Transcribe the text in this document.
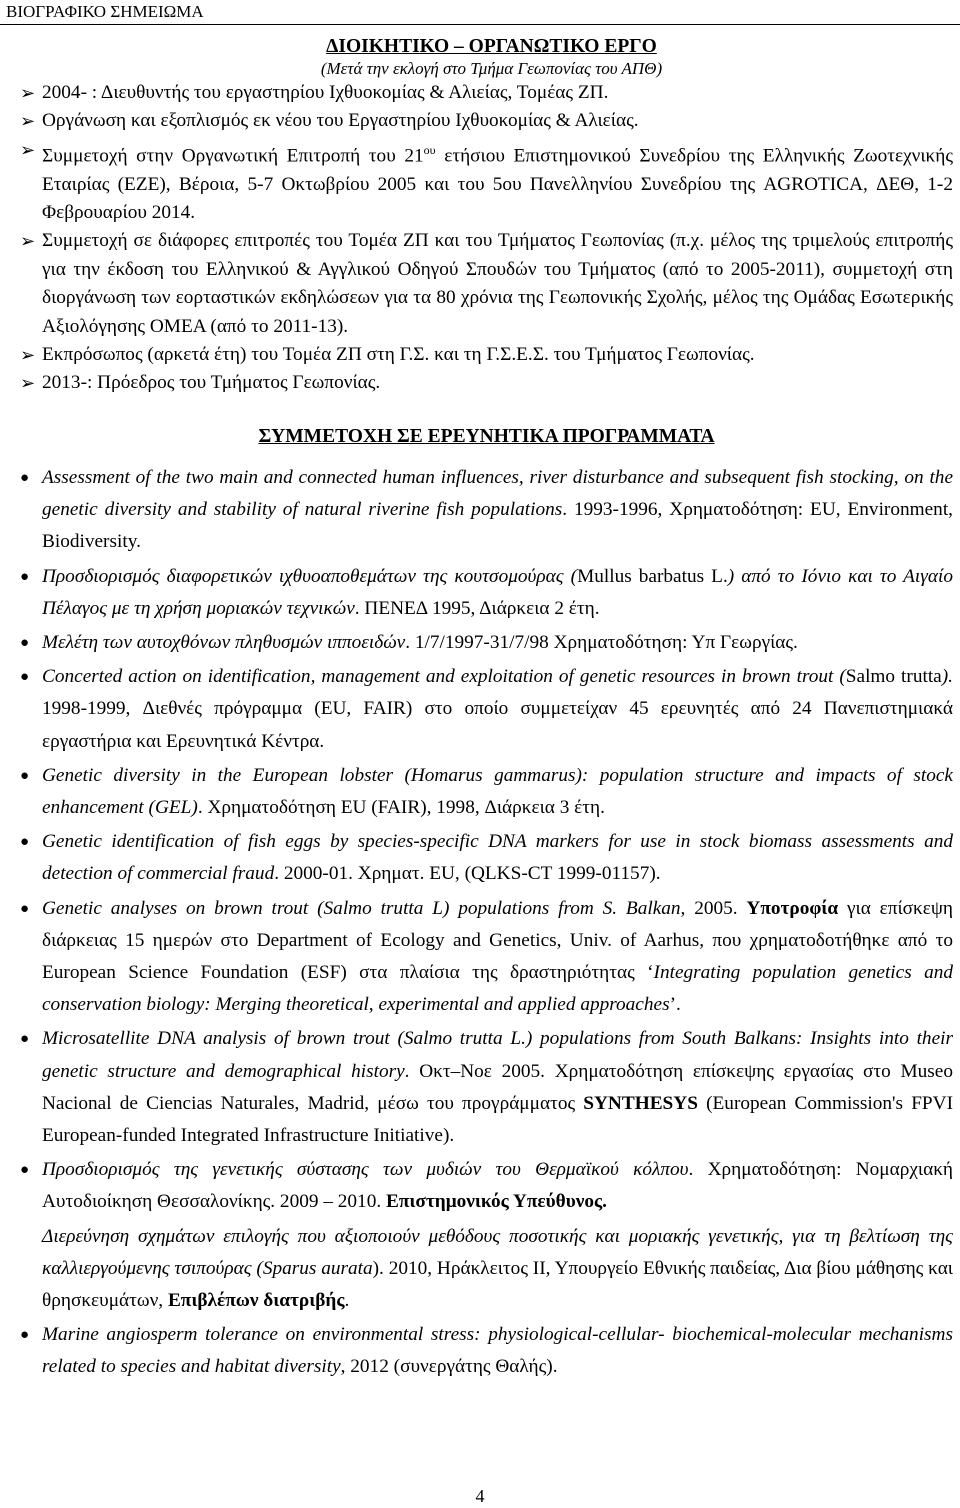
ΒΙΟΓΡΑΦΙΚΟ ΣΗΜΕΙΩΜΑ
ΔΙΟΙΚΗΤΙΚΟ – ΟΡΓΑΝΩΤΙΚΟ ΕΡΓΟ
(Μετά την εκλογή στο Τμήμα Γεωπονίας του ΑΠΘ)
➢ 2004- : Διευθυντής του εργαστηρίου Ιχθυοκομίας & Αλιείας, Τομέας ΖΠ.
➢ Οργάνωση και εξοπλισμός εκ νέου του Εργαστηρίου Ιχθυοκομίας & Αλιείας.
➢ Συμμετοχή στην Οργανωτική Επιτροπή του $21^{o\upsilon}$ ετήσιου Επιστημονικού Συνεδρίου της Ελληνικής Ζωοτεχνικής Εταιρίας (ΕΖΕ), Βέροια, 5-7 Οκτωβρίου 2005 και του 5ου Πανελληνίου Συνεδρίου της AGROTICA, ΔΕΘ, 1-2 Φεβρουαρίου 2014.
➢ Συμμετοχή σε διάφορες επιτροπές του Τομέα ΖΠ και του Τμήματος Γεωπονίας (π.χ. μέλος της τριμελούς επιτροπής για την έκδοση του Ελληνικού & Αγγλικού Οδηγού Σπουδών του Τμήματος (από το 2005-2011), συμμετοχή στη διοργάνωση των εορταστικών εκδηλώσεων για τα 80 χρόνια της Γεωπονικής Σχολής, μέλος της Ομάδας Εσωτερικής Αξιολόγησης ΟΜΕΑ (από το 2011-13).
➢ Εκπρόσωπος (αρκετά έτη) του Τομέα ΖΠ στη Γ.Σ. και τη Γ.Σ.Ε.Σ. του Τμήματος Γεωπονίας.
➢ 2013-: Πρόεδρος του Τμήματος Γεωπονίας.
ΣΥΜΜΕΤΟΧΗ ΣΕ ΕΡΕΥΝΗΤΙΚΑ ΠΡΟΓΡΑΜΜΑΤΑ
● Assessment of the two main and connected human influences, river disturbance and subsequent fish stocking, on the genetic diversity and stability of natural riverine fish populations. 1993-1996, Χρηματοδότηση: EU, Environment, Biodiversity.
● Προσδιορισμός διαφορετικών ιχθυοαποθεμάτων της κουτσομούρας (Mullus barbatus L.) από το Ιόνιο και το Αιγαίο Πέλαγος με τη χρήση μοριακών τεχνικών. ΠΕΝΕΔ 1995, Διάρκεια 2 έτη.
● Μελέτη των αυτοχθόνων πληθυσμών ιπποειδών. 1/7/1997-31/7/98 Χρηματοδότηση: Υπ Γεωργίας.
● Concerted action on identification, management and exploitation of genetic resources in brown trout (Salmo trutta). 1998-1999, Διεθνές πρόγραμμα (EU, FAIR) στο οποίο συμμετείχαν 45 ερευνητές από 24 Πανεπιστημιακά εργαστήρια και Ερευνητικά Κέντρα.
● Genetic diversity in the European lobster (Homarus gammarus): population structure and impacts of stock enhancement (GEL). Χρηματοδότηση EU (FAIR), 1998, Διάρκεια 3 έτη.
● Genetic identification of fish eggs by species-specific DNA markers for use in stock biomass assessments and detection of commercial fraud. 2000-01. Χρηματ. EU, (QLKS-CT 1999-01157).
● Genetic analyses on brown trout (Salmo trutta L) populations from S. Balkan, 2005. Υποτροφία για επίσκεψη διάρκειας 15 ημερών στο Department of Ecology and Genetics, Univ. of Aarhus, που χρηματοδοτήθηκε από το European Science Foundation (ESF) στα πλαίσια της δραστηριότητας ‘Integrating population genetics and conservation biology: Merging theoretical, experimental and applied approaches’.
● Microsatellite DNA analysis of brown trout (Salmo trutta L.) populations from South Balkans: Insights into their genetic structure and demographical history. Οκτ–Νοε 2005. Χρηματοδότηση επίσκεψης εργασίας στο Museo Nacional de Ciencias Naturales, Madrid, μέσω του προγράμματος SYNTHESYS (European Commission's FPVI European-funded Integrated Infrastructure Initiative).
● Προσδιορισμός της γενετικής σύστασης των μυδιών του Θερμαϊκού κόλπου. Χρηματοδότηση: Νομαρχιακή Αυτοδιοίκηση Θεσσαλονίκης. 2009 – 2010. Επιστημονικός Υπεύθυνος.
Διερεύνηση σχημάτων επιλογής που αξιοποιούν μεθόδους ποσοτικής και μοριακής γενετικής, για τη βελτίωση της καλλιεργούμενης τσιπούρας (Sparus aurata). 2010, Ηράκλειτος ΙΙ, Υπουργείο Εθνικής παιδείας, Δια βίου μάθησης και θρησκευμάτων, Επιβλέπων διατριβής.
● Marine angiosperm tolerance on environmental stress: physiological-cellular- biochemical-molecular mechanisms related to species and habitat diversity, 2012 (συνεργάτης Θαλής).
4
